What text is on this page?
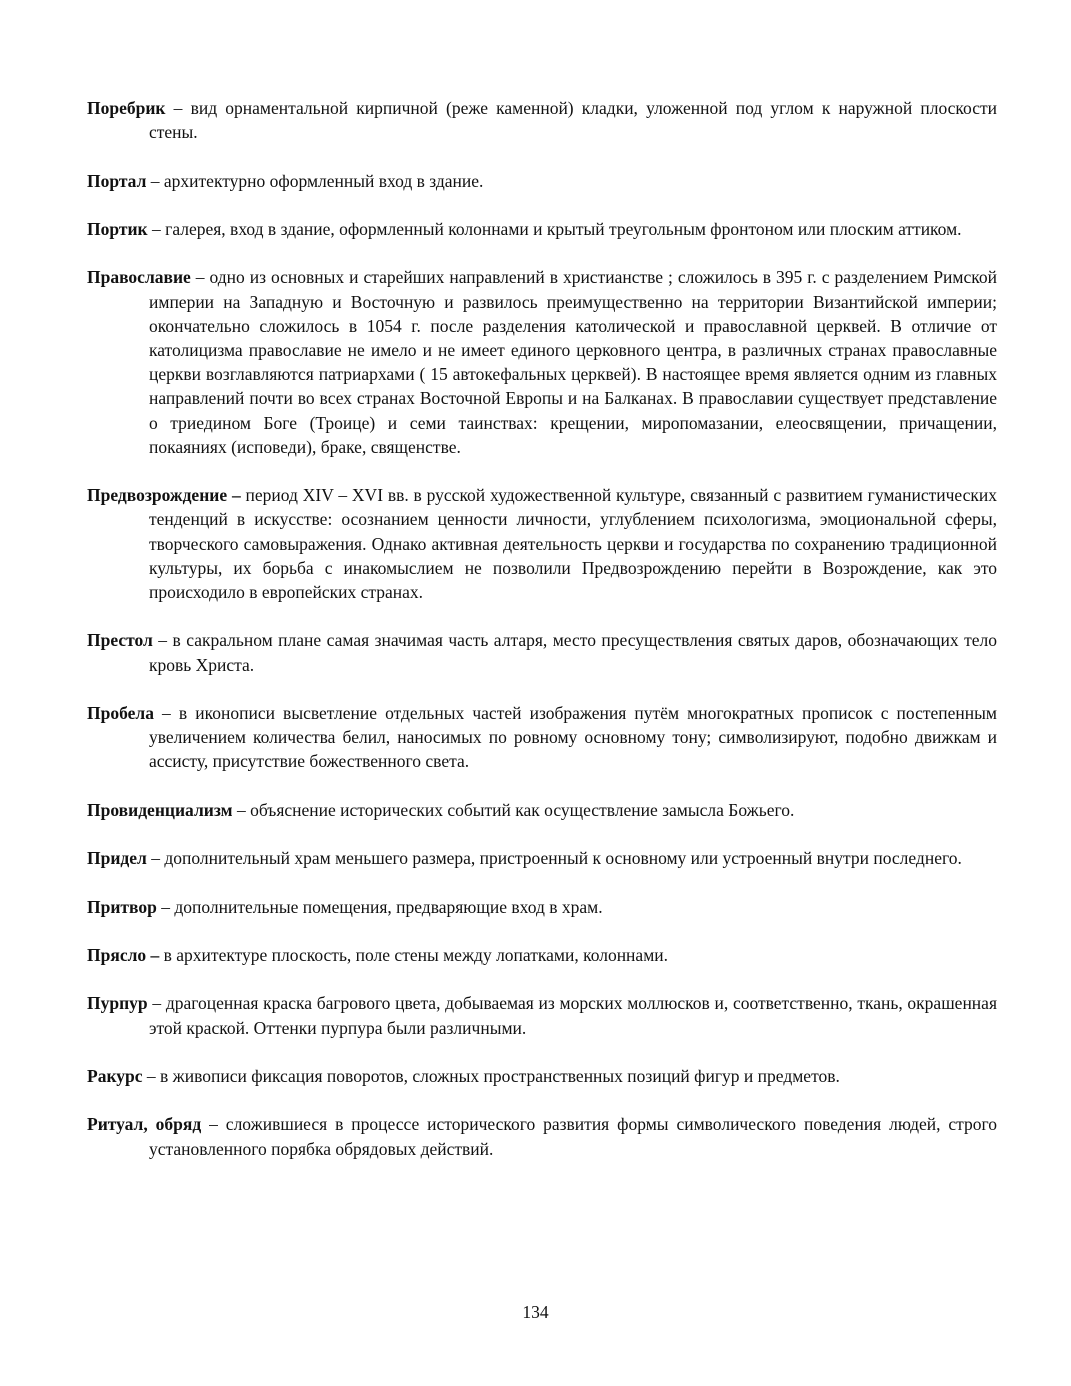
Поребрик – вид орнаментальной кирпичной (реже каменной) кладки, уложенной под углом к наружной плоскости стены.

Портал – архитектурно оформленный вход в здание.

Портик – галерея, вход в здание, оформленный колоннами и крытый треугольным фронтоном или плоским аттиком.

Православие – одно из основных и старейших направлений в христианстве ; сложилось в 395 г. с разделением Римской империи на Западную и Восточную и развилось преимущественно на территории Византийской империи; окончательно сложилось в 1054 г. после разделения католической и православной церквей. В отличие от католицизма православие не имело и не имеет единого церковного центра, в различных странах православные церкви возглавляются патриархами ( 15 автокефальных церквей). В настоящее время является одним из главных направлений почти во всех странах Восточной Европы и на Балканах. В православии существует представление о триедином Боге (Троице) и семи таинствах: крещении, миропомазании, елеосвящении, причащении, покаяниях (исповеди), браке, священстве.

Предвозрождение – период XIV – XVI вв. в русской художественной культуре, связанный с развитием гуманистических тенденций в искусстве: осознанием ценности личности, углублением психологизма, эмоциональной сферы, творческого самовыражения. Однако активная деятельность церкви и государства по сохранению традиционной культуры, их борьба с инакомыслием не позволили Предвозрождению перейти в Возрождение, как это происходило в европейских странах.

Престол – в сакральном плане самая значимая часть алтаря, место пресуществления святых даров, обозначающих тело кровь Христа.

Пробела – в иконописи высветление отдельных частей изображения путём многократных прописок с постепенным увеличением количества белил, наносимых по ровному основному тону; символизируют, подобно движкам и ассисту, присутствие божественного света.

Провиденциализм – объяснение исторических событий как осуществление замысла Божьего.

Придел – дополнительный храм меньшего размера, пристроенный к основному или устроенный внутри последнего.

Притвор – дополнительные помещения, предваряющие вход в храм.

Прясло – в архитектуре плоскость, поле стены между лопатками, колоннами.

Пурпур – драгоценная краска багрового цвета, добываемая из морских моллюсков и, соответственно, ткань, окрашенная этой краской. Оттенки пурпура были различными.

Ракурс – в живописи фиксация поворотов, сложных пространственных позиций фигур и предметов.

Ритуал, обряд – сложившиеся в процессе исторического развития формы символического поведения людей, строго установленного порябка обрядовых действий.

134
